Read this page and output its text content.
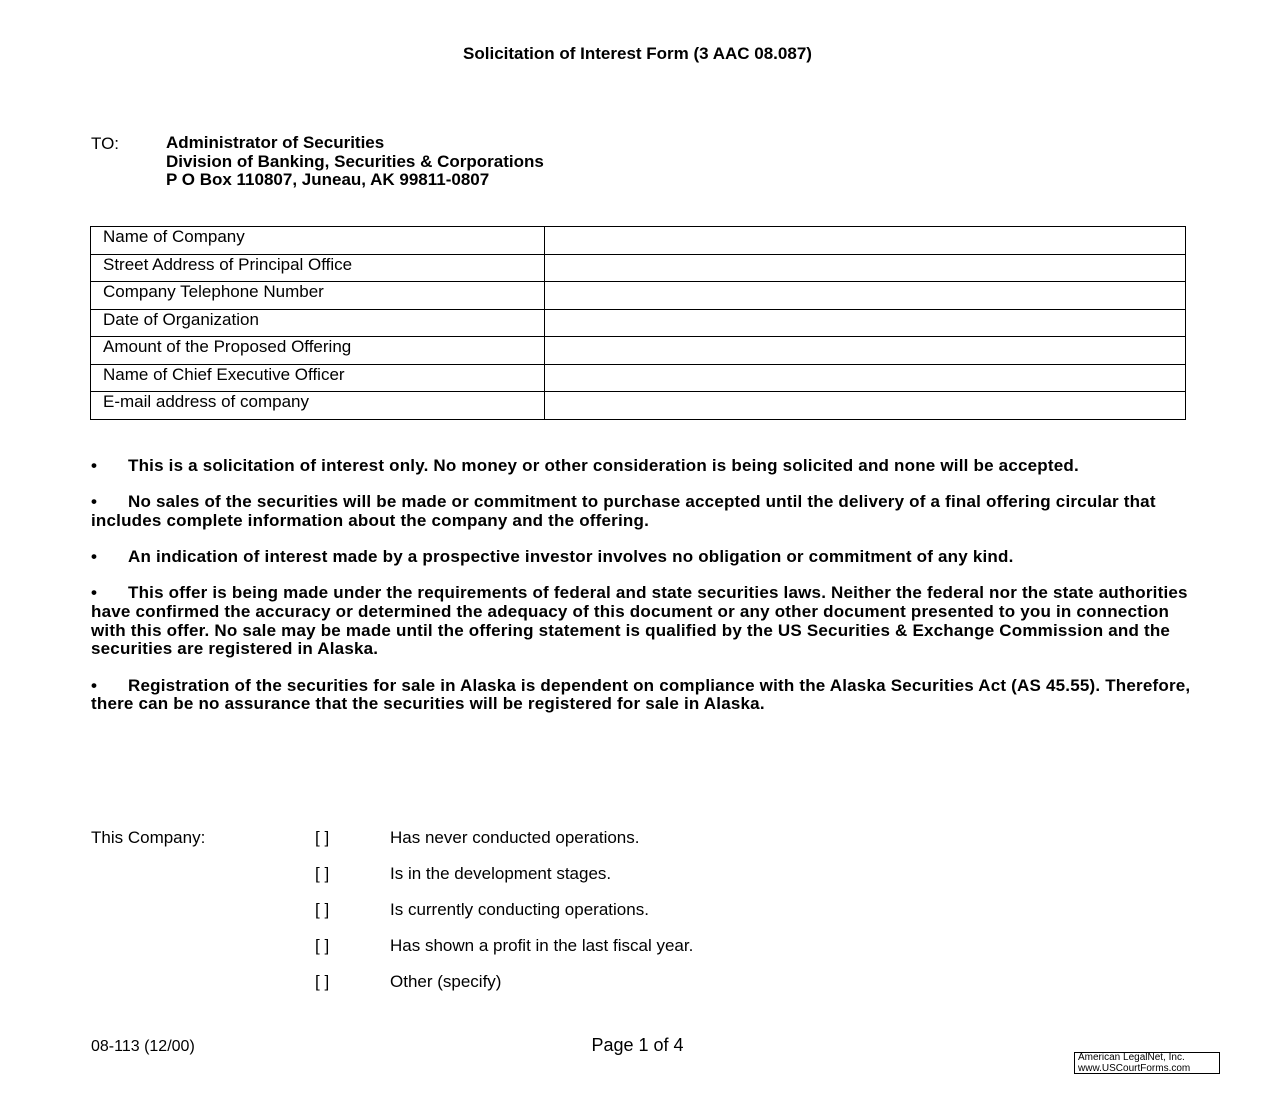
Solicitation of Interest Form (3 AAC 08.087)
TO:	Administrator of Securities
Division of Banking, Securities & Corporations
P O Box 110807, Juneau, AK 99811-0807
Name of Company	
Street Address of Principal Office	
Company Telephone Number	
Date of Organization	
Amount of the Proposed Offering	
Name of Chief Executive Officer	
E-mail address of company	

• This is a solicitation of interest only. No money or other consideration is being solicited and none will be accepted.

• No sales of the securities will be made or commitment to purchase accepted until the delivery of a final offering circular that includes complete information about the company and the offering.

• An indication of interest made by a prospective investor involves no obligation or commitment of any kind.

• This offer is being made under the requirements of federal and state securities laws. Neither the federal nor the state authorities have confirmed the accuracy or determined the adequacy of this document or any other document presented to you in connection with this offer. No sale may be made until the offering statement is qualified by the US Securities & Exchange Commission and the securities are registered in Alaska.

• Registration of the securities for sale in Alaska is dependent on compliance with the Alaska Securities Act (AS 45.55). Therefore, there can be no assurance that the securities will be registered for sale in Alaska.

This Company:	[ ]	Has never conducted operations.
[ ]	Is in the development stages.
[ ]	Is currently conducting operations.
[ ]	Has shown a profit in the last fiscal year.
[ ]	Other (specify)
08-113 (12/00)	Page 1 of 4
American LegalNet, Inc.
www.USCourtForms.com
